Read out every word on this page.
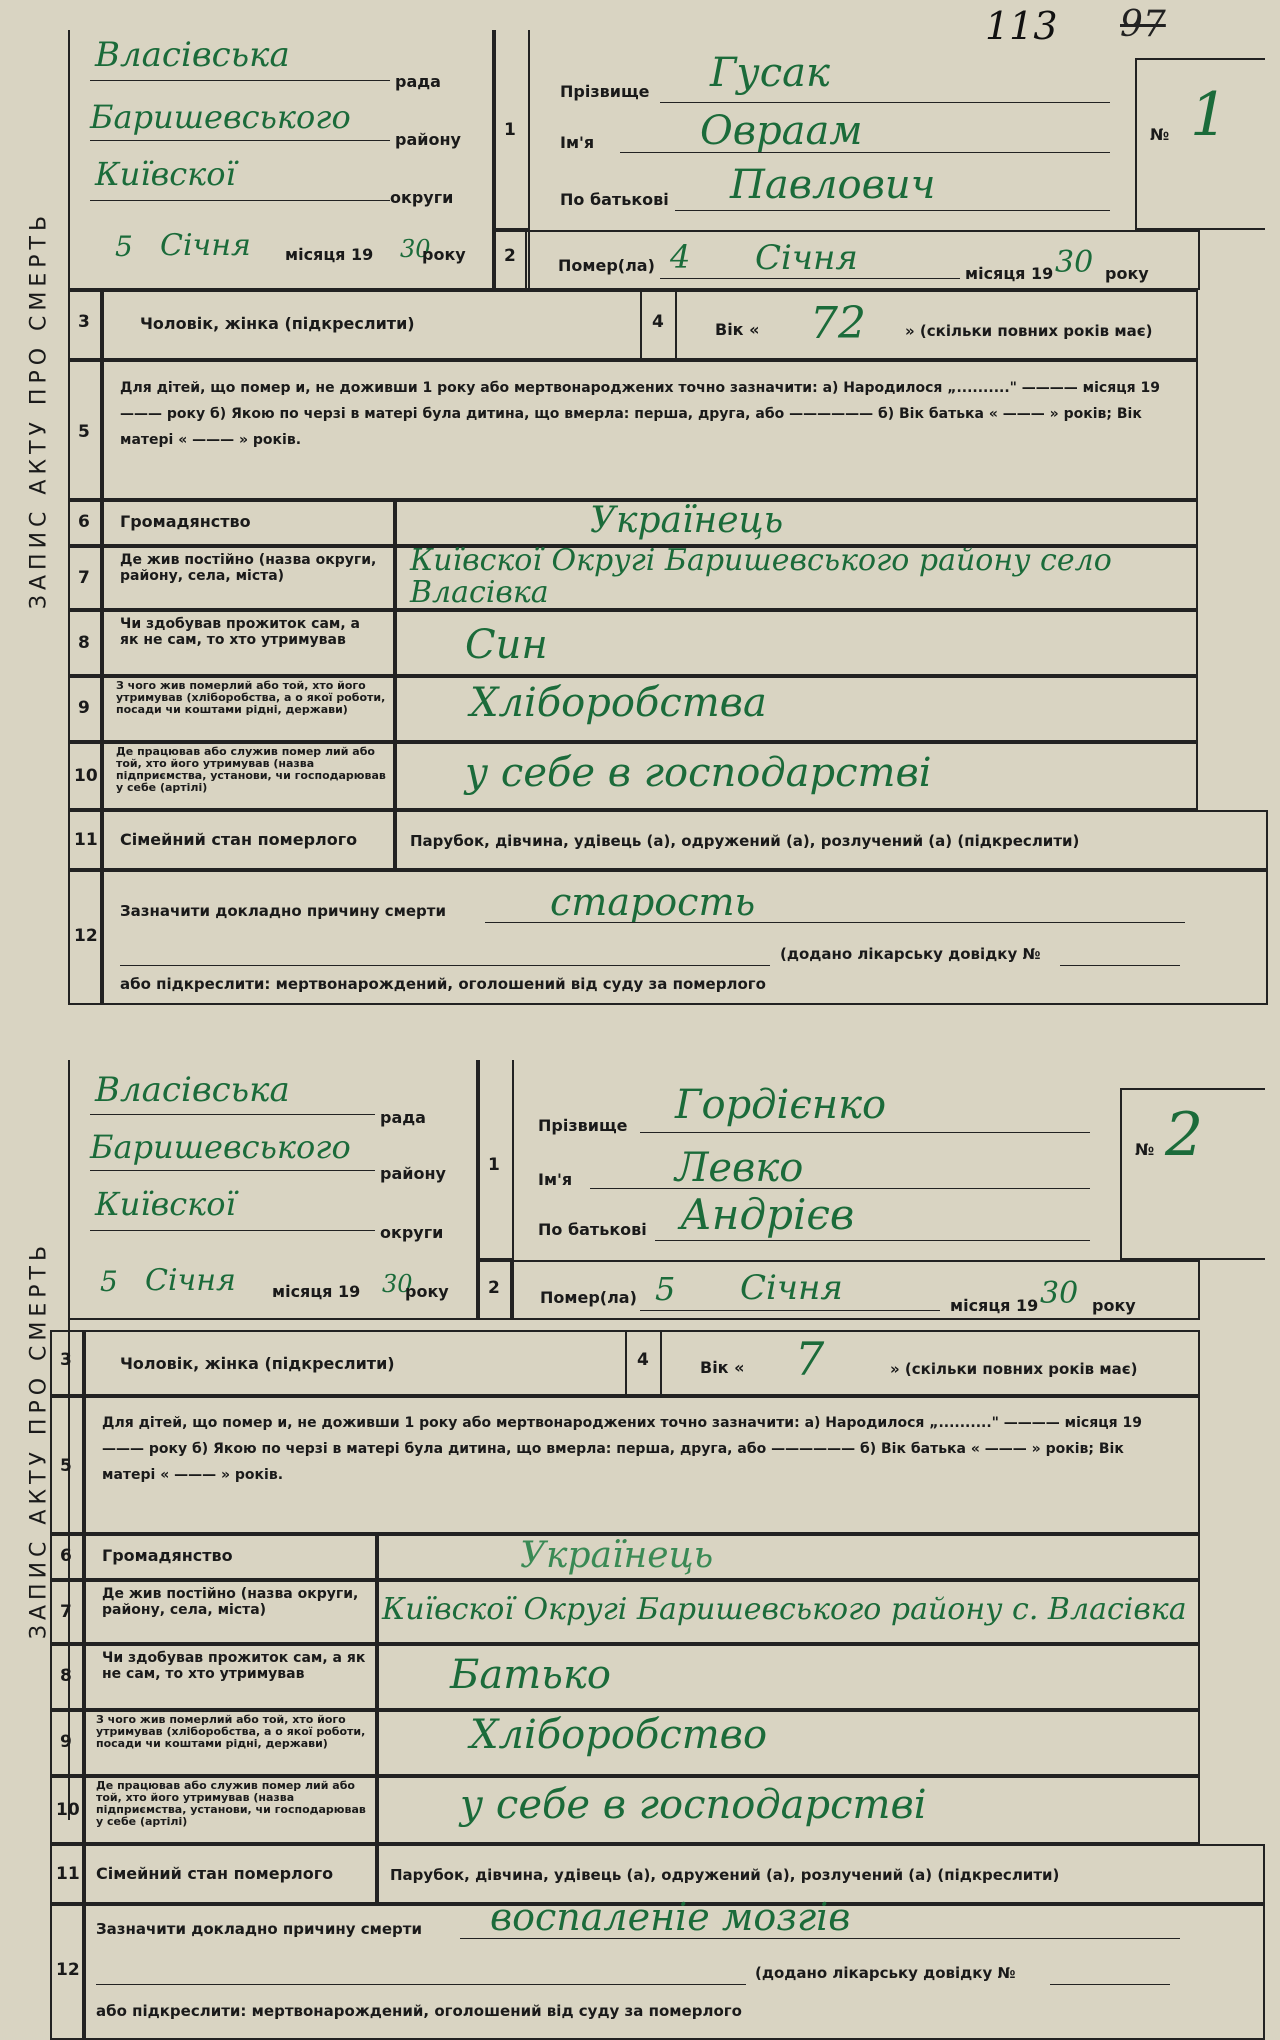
113 97
ЗАПИС АКТУ ПРО СМЕРТЬ
Власівська
рада
Баришевського
району
Київскої
округи
5 Січня місяця 19 30
року
1
2
Прізвище Гусак
Ім'я	Овраам
По батькові Павлович
№ 1
Помер(ла) 4 Січня	місяця 19 30 року
3	Чоловік, жінка (підкреслити)	4	Вік « 72	» (скільки повних років має)
5
Для дітей, що помер и, не доживши 1 року або мертвонароджених точно зазначити: а) Народилося „.........." ———— місяця 19 ——— року б) Якою по черзі в матері була дитина, що вмерла: перша, друга, або —————— б) Вік батька « ——— » років; Вік матері « ——— » років.
6 Громадянство	Українець
7
Де жив постійно (назва округи, району, села, міста)	Київскої Округі Баришевського району село Власівка
8
Чи здобував прожиток сам, а як не сам, то хто утримував	Син
9
З чого жив померлий або той, хто його утримував (хліборобства, а о якої роботи, посади чи коштами рідні, держави)	Хліборобства
10
Де працював або служив помер лий або той, хто його утримував (назва підприємства, установи, чи господарював у себе (артілі)	у себе в господарстві
11 Сімейний стан померлого	Парубок, дівчина, удівець (а), одружений (а), розлучений (а) (підкреслити)
12
Зазначити докладно причину смерти	старость
(додано лікарську довідку №
або підкреслити: мертвонарождений, оголошений від суду за померлого
ЗАПИС АКТУ ПРО СМЕРТЬ
Власівська
рада
Баришевського
району
Київскої
округи
5 Січня місяця 19 30
року
1
2
Прізвище Гордієнко
Ім'я	Левко
По батькові Андрієв
№ 2
Помер(ла) 5 Січня	місяця 19 30 року
3	Чоловік, жінка (підкреслити)	4	Вік « 7	» (скільки повних років має)
5
Для дітей, що помер и, не доживши 1 року або мертвонароджених точно зазначити: а) Народилося „.........." ———— місяця 19 ——— року б) Якою по черзі в матері була дитина, що вмерла: перша, друга, або —————— б) Вік батька « ——— » років; Вік матері « ——— » років.
6 Громадянство	Українець
7
Де жив постійно (назва округи, району, села, міста)	Київскої Округі Баришевського району с. Власівка
8
Чи здобував прожиток сам, а як не сам, то хто утримував	Батько
9
З чого жив померлий або той, хто його утримував (хліборобства, а о якої роботи, посади чи коштами рідні, держави)	Хліборобство
10
Де працював або служив помер лий або той, хто його утримував (назва підприємства, установи, чи господарював у себе (артілі)	у себе в господарстві
11 Сімейний стан померлого	Парубок, дівчина, удівець (а), одружений (а), розлучений (а) (підкреслити)
12
Зазначити докладно причину смерти воспаленіе мозгів
(додано лікарську довідку №
або підкреслити: мертвонарождений, оголошений від суду за померлого
